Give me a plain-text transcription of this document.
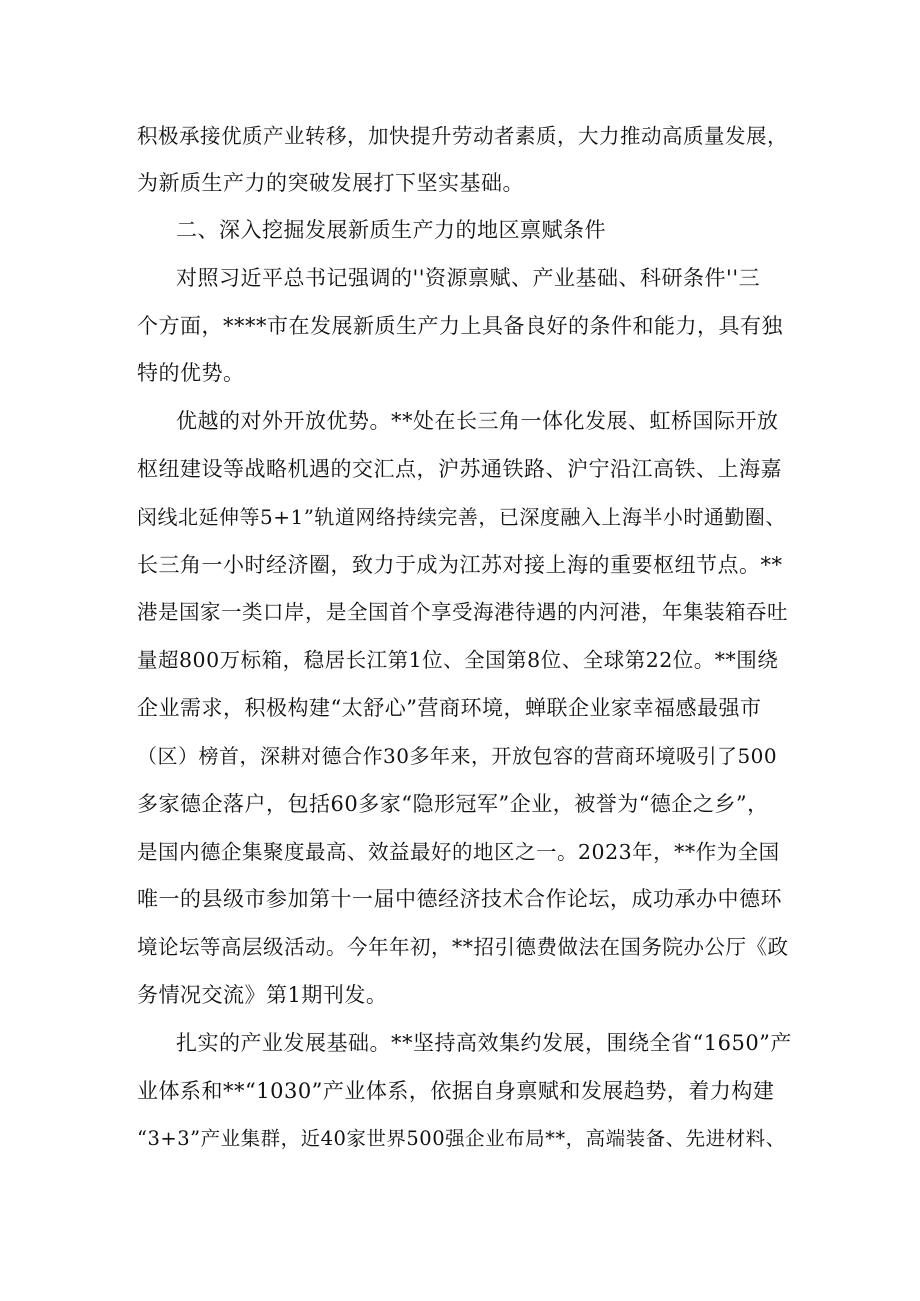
积极承接优质产业转移，加快提升劳动者素质，大力推动高质量发展，
为新质生产力的突破发展打下坚实基础。
二、深入挖掘发展新质生产力的地区禀赋条件
对照习近平总书记强调的''资源禀赋、产业基础、科研条件''三
个方面，****市在发展新质生产力上具备良好的条件和能力，具有独
特的优势。
优越的对外开放优势。**处在长三角一体化发展、虹桥国际开放
枢纽建设等战略机遇的交汇点，沪苏通铁路、沪宁沿江高铁、上海嘉
闵线北延伸等5+1”轨道网络持续完善，已深度融入上海半小时通勤圈、
长三角一小时经济圈，致力于成为江苏对接上海的重要枢纽节点。**
港是国家一类口岸，是全国首个享受海港待遇的内河港，年集装箱吞吐
量超800万标箱，稳居长江第1位、全国第8位、全球第22位。**围绕
企业需求，积极构建“太舒心”营商环境，蝉联企业家幸福感最强市
（区）榜首，深耕对德合作30多年来，开放包容的营商环境吸引了500
多家德企落户，包括60多家“隐形冠军”企业，被誉为“德企之乡”，
是国内德企集聚度最高、效益最好的地区之一。2023年，**作为全国
唯一的县级市参加第十一届中德经济技术合作论坛，成功承办中德环
境论坛等高层级活动。今年年初，**招引德费做法在国务院办公厅《政
务情况交流》第1期刊发。
扎实的产业发展基础。**坚持高效集约发展，围绕全省“1650”产
业体系和**“1030”产业体系，依据自身禀赋和发展趋势，着力构建
“3+3”产业集群，近40家世界500强企业布局**，高端装备、先进材料、
